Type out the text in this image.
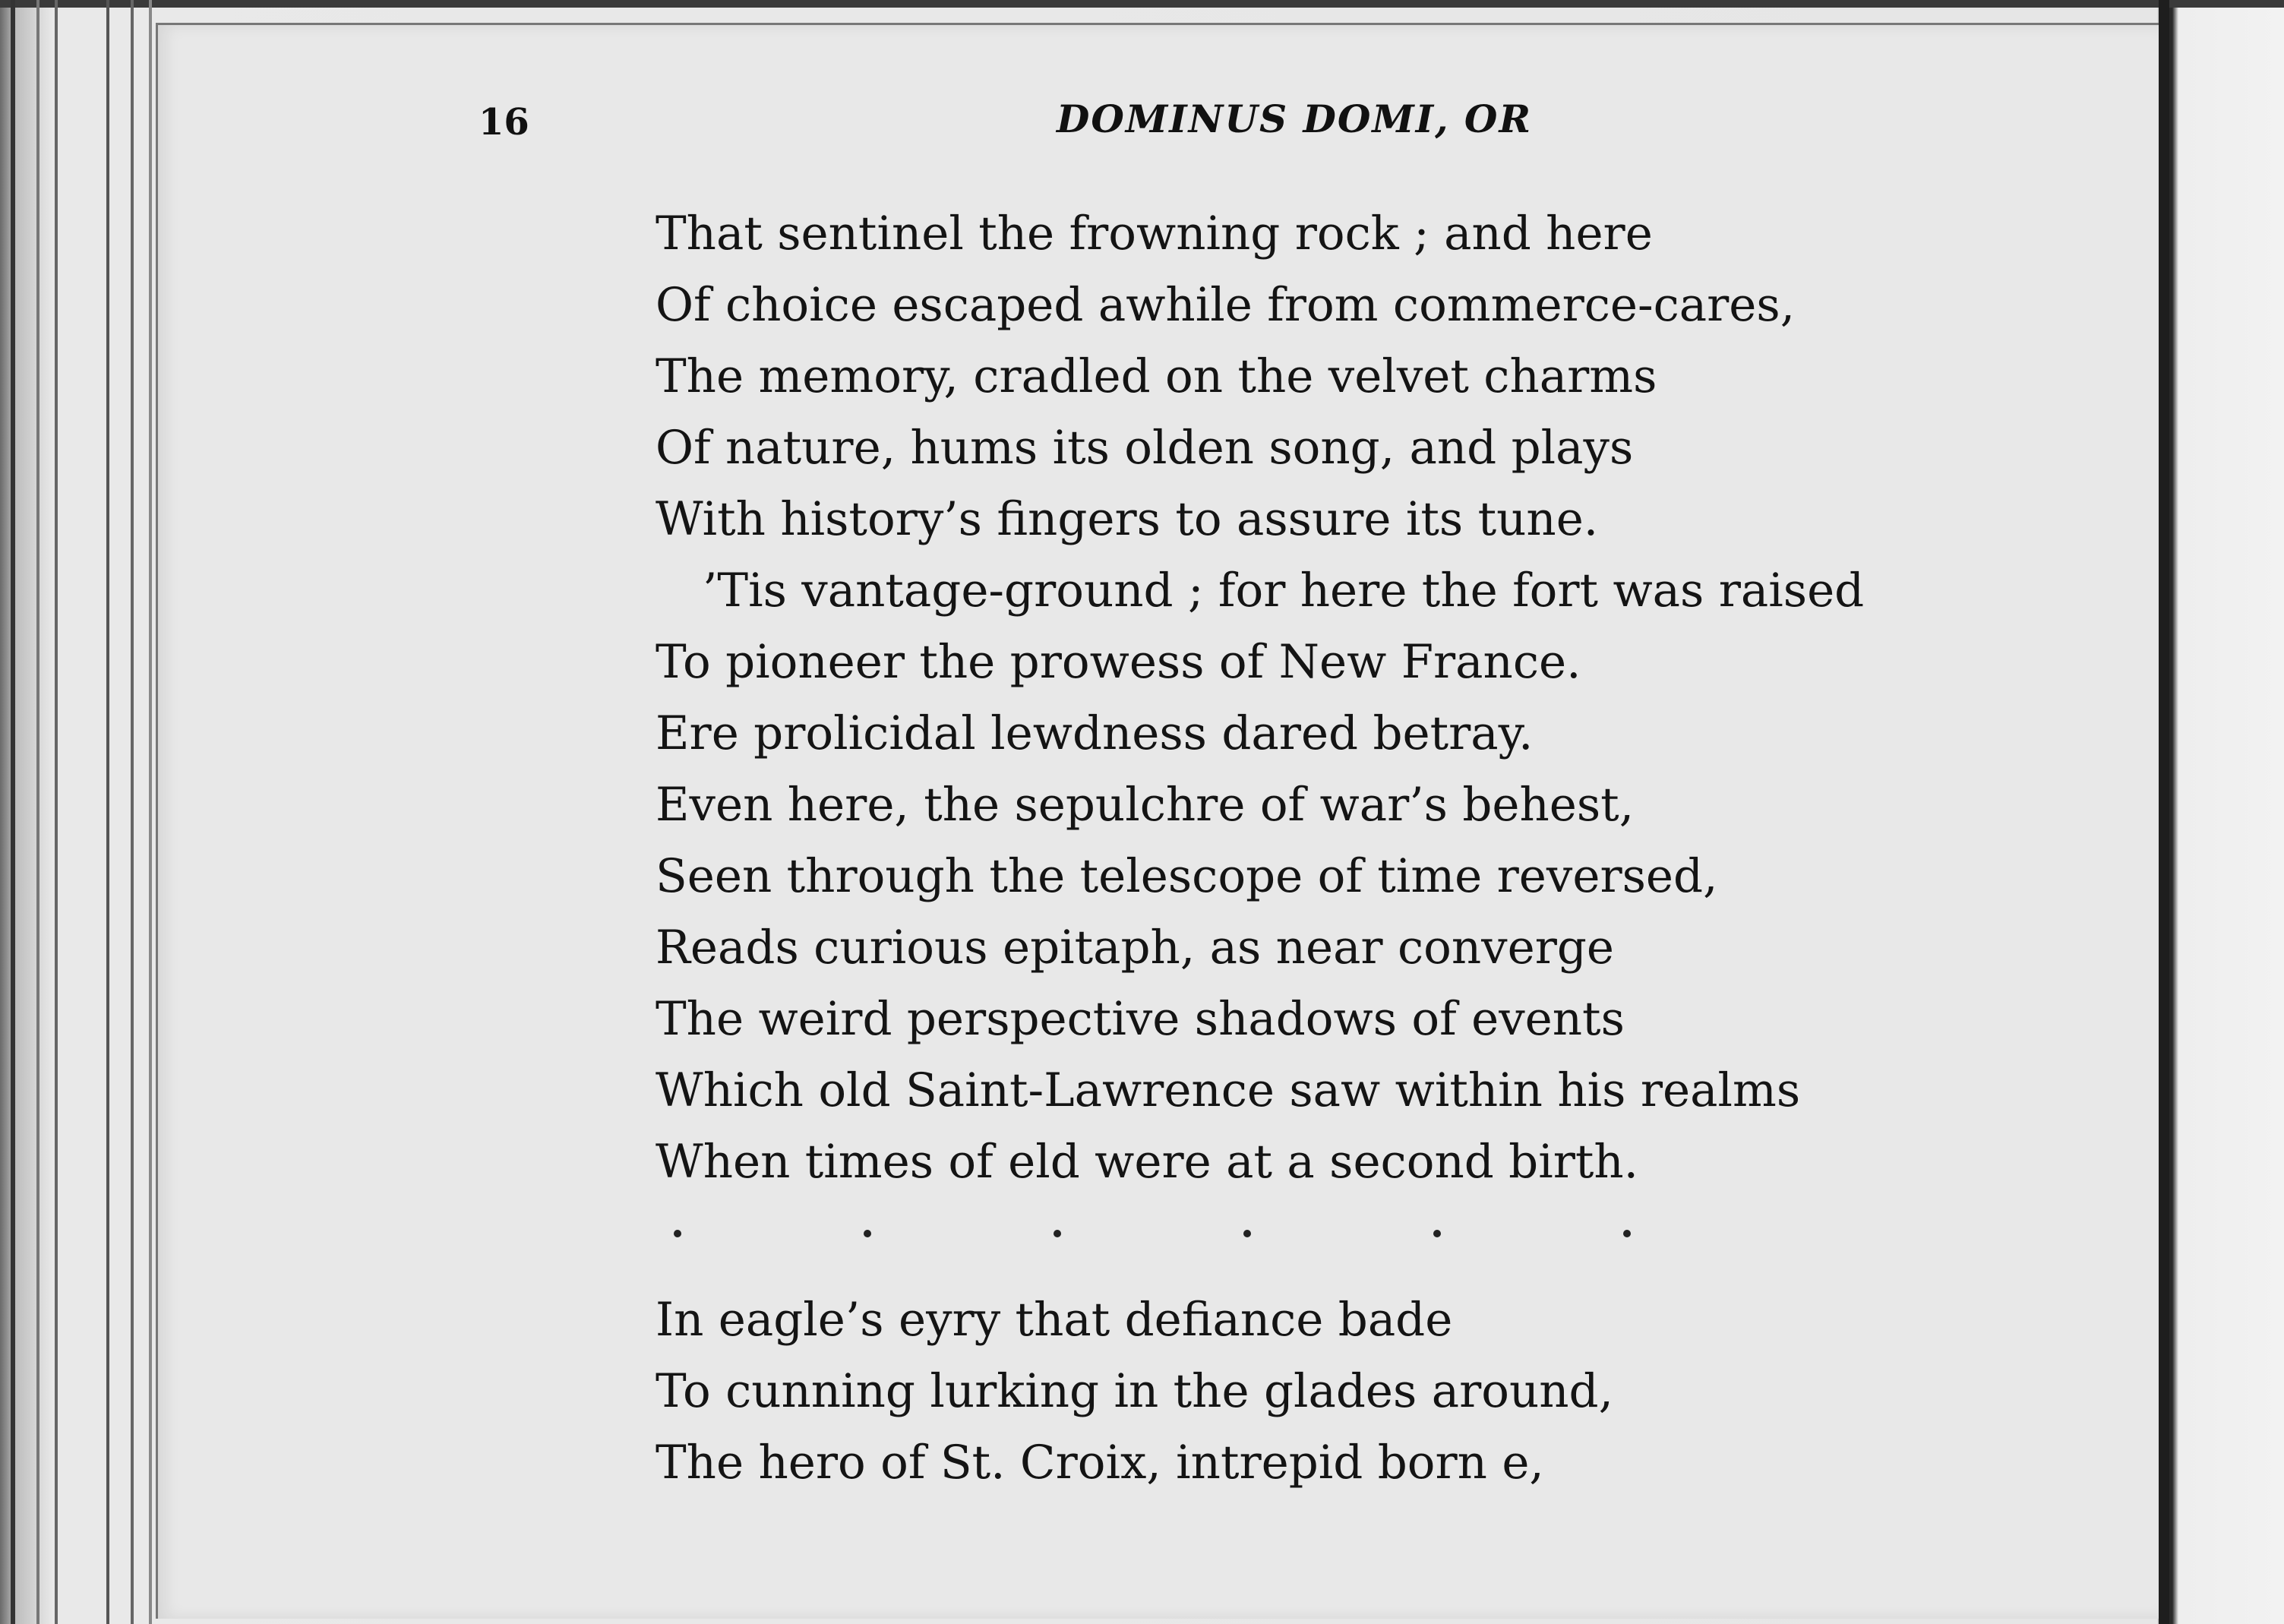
16	DOMINUS DOMI, OR
That sentinel the frowning rock ; and here
Of choice escaped awhile from commerce-cares,
The memory, cradled on the velvet charms
Of nature, hums its olden song, and plays
With history’s fingers to assure its tune.
’Tis vantage-ground ; for here the fort was raised
To pioneer the prowess of New France.
Ere prolicidal lewdness dared betray.
Even here, the sepulchre of war’s behest,
Seen through the telescope of time reversed,
Reads curious epitaph, as near converge
The weird perspective shadows of events
Which old Saint-Lawrence saw within his realms
When times of eld were at a second birth.
In eagle’s eyry that defiance bade
To cunning lurking in the glades around,
The hero of St. Croix, intrepid born e,
